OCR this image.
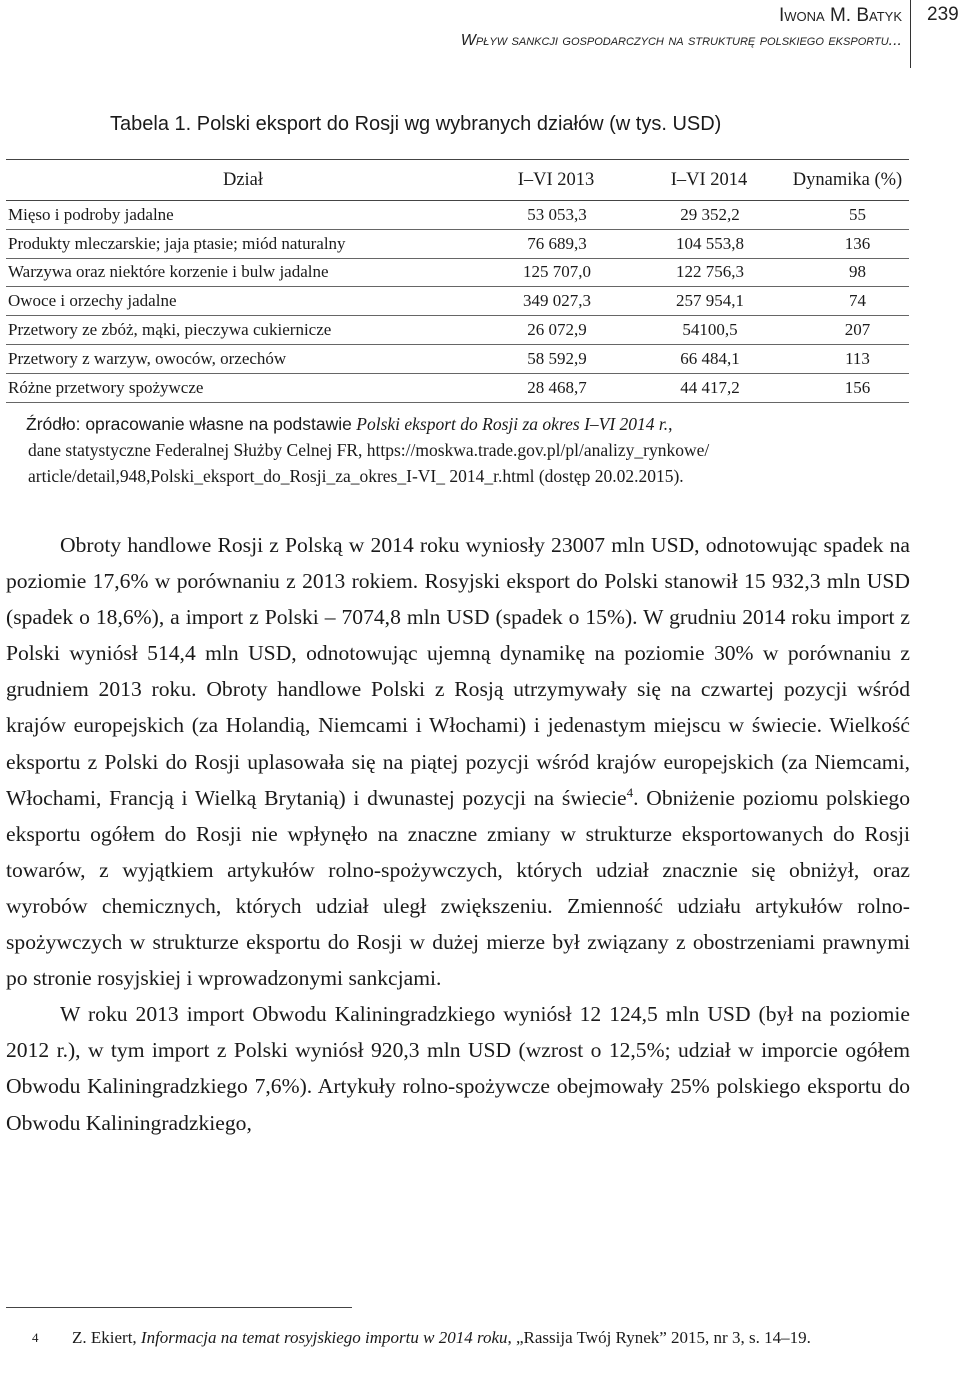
Iwona M. Batyk
Wpływ sankcji gospodarczych na strukturę polskiego eksportu...
239
Tabela 1. Polski eksport do Rosji wg wybranych działów (w tys. USD)
Dział	I–VI 2013	I–VI 2014	Dynamika (%)
Mięso i podroby jadalne	53 053,3	29 352,2	55
Produkty mleczarskie; jaja ptasie; miód naturalny	76 689,3	104 553,8	136
Warzywa oraz niektóre korzenie i bulw jadalne	125 707,0	122 756,3	98
Owoce i orzechy jadalne	349 027,3	257 954,1	74
Przetwory ze zbóż, mąki, pieczywa cukiernicze	26 072,9	54100,5	207
Przetwory z warzyw, owoców, orzechów	58 592,9	66 484,1	113
Różne przetwory spożywcze	28 468,7	44 417,2	156
Źródło: opracowanie własne na podstawie Polski eksport do Rosji za okres I–VI 2014 r.,
dane statystyczne Federalnej Służby Celnej FR, https://moskwa.trade.gov.pl/pl/analizy_rynkowe/
article/detail,948,Polski_eksport_do_Rosji_za_okres_I-VI_ 2014_r.html (dostęp 20.02.2015).

Obroty handlowe Rosji z Polską w 2014 roku wyniosły 23007 mln USD, odnotowując spadek na poziomie 17,6% w porównaniu z 2013 rokiem. Rosyjski eksport do Polski stanowił 15 932,3 mln USD (spadek o 18,6%), a import z Polski – 7074,8 mln USD (spadek o 15%). W grudniu 2014 roku import z Polski wyniósł 514,4 mln USD, odnotowując ujemną dynamikę na poziomie 30% w porównaniu z grudniem 2013 roku. Obroty handlowe Polski z Rosją utrzymywały się na czwartej pozycji wśród krajów europejskich (za Holandią, Niemcami i Włochami) i jedenastym miejscu w świecie. Wielkość eksportu z Polski do Rosji uplasowała się na piątej pozycji wśród krajów europejskich (za Niemcami, Włochami, Francją i Wielką Brytanią) i dwunastej pozycji na świecie$^4$. Obniżenie poziomu polskiego eksportu ogółem do Rosji nie wpłynęło na znaczne zmiany w strukturze eksportowanych do Rosji towarów, z wyjątkiem artykułów rolno-spożywczych, których udział znacznie się obniżył, oraz wyrobów chemicznych, których udział uległ zwiększeniu. Zmienność udziału artykułów rolno-spożywczych w strukturze eksportu do Rosji w dużej mierze był związany z obostrzeniami prawnymi po stronie rosyjskiej i wprowadzonymi sankcjami.

W roku 2013 import Obwodu Kaliningradzkiego wyniósł 12 124,5 mln USD (był na poziomie 2012 r.), w tym import z Polski wyniósł 920,3 mln USD (wzrost o 12,5%; udział w imporcie ogółem Obwodu Kaliningradzkiego 7,6%). Artykuły rolno-spożywcze obejmowały 25% polskiego eksportu do Obwodu Kaliningradzkiego,

4 Z. Ekiert, Informacja na temat rosyjskiego importu w 2014 roku, „Rassija Twój Rynek” 2015, nr 3, s. 14–19.
